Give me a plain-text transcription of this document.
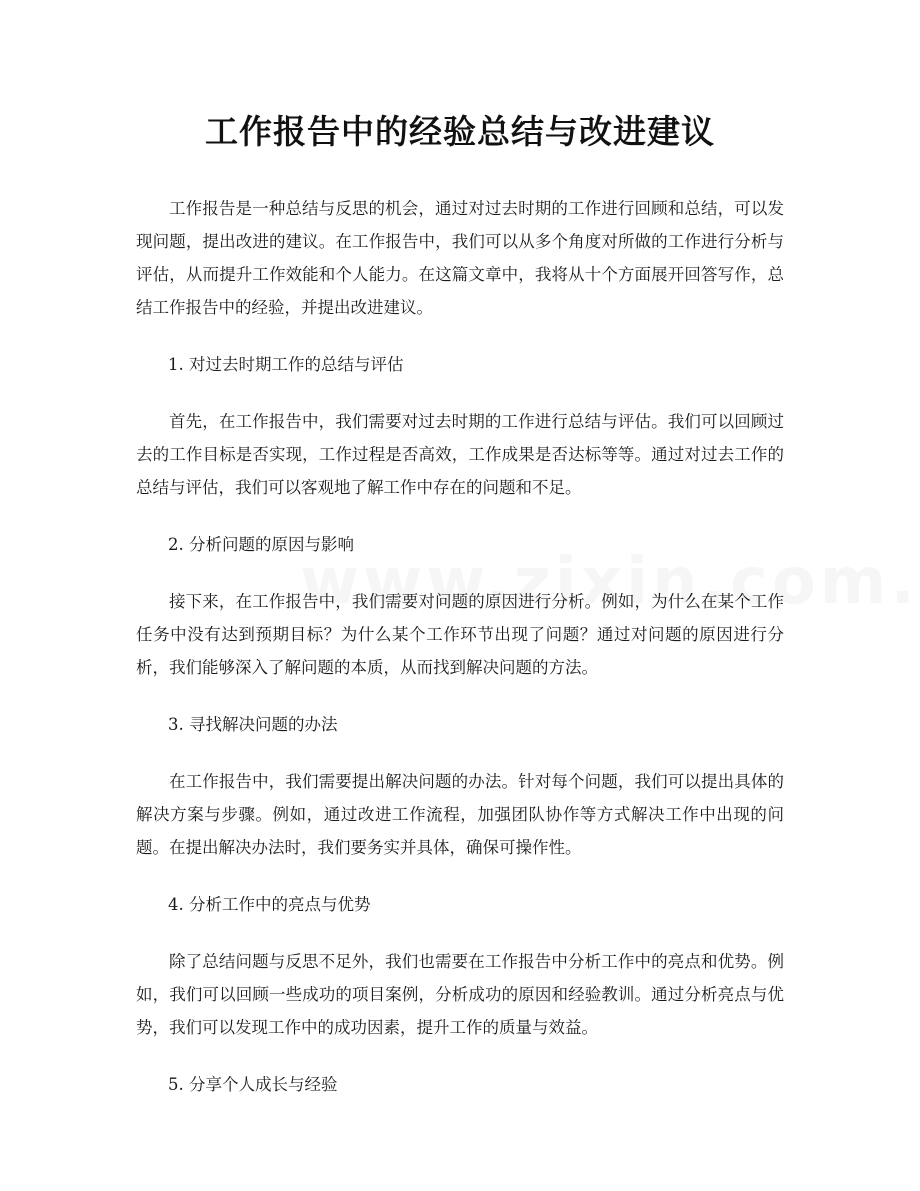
工作报告中的经验总结与改进建议

工作报告是一种总结与反思的机会，通过对过去时期的工作进行回顾和总结，可以发现问题，提出改进的建议。在工作报告中，我们可以从多个角度对所做的工作进行分析与评估，从而提升工作效能和个人能力。在这篇文章中，我将从十个方面展开回答写作，总结工作报告中的经验，并提出改进建议。

1. 对过去时期工作的总结与评估

首先，在工作报告中，我们需要对过去时期的工作进行总结与评估。我们可以回顾过去的工作目标是否实现，工作过程是否高效，工作成果是否达标等等。通过对过去工作的总结与评估，我们可以客观地了解工作中存在的问题和不足。

2. 分析问题的原因与影响

接下来，在工作报告中，我们需要对问题的原因进行分析。例如，为什么在某个工作任务中没有达到预期目标？为什么某个工作环节出现了问题？通过对问题的原因进行分析，我们能够深入了解问题的本质，从而找到解决问题的方法。

3. 寻找解决问题的办法

在工作报告中，我们需要提出解决问题的办法。针对每个问题，我们可以提出具体的解决方案与步骤。例如，通过改进工作流程，加强团队协作等方式解决工作中出现的问题。在提出解决办法时，我们要务实并具体，确保可操作性。

4. 分析工作中的亮点与优势

除了总结问题与反思不足外，我们也需要在工作报告中分析工作中的亮点和优势。例如，我们可以回顾一些成功的项目案例，分析成功的原因和经验教训。通过分析亮点与优势，我们可以发现工作中的成功因素，提升工作的质量与效益。

5. 分享个人成长与经验
